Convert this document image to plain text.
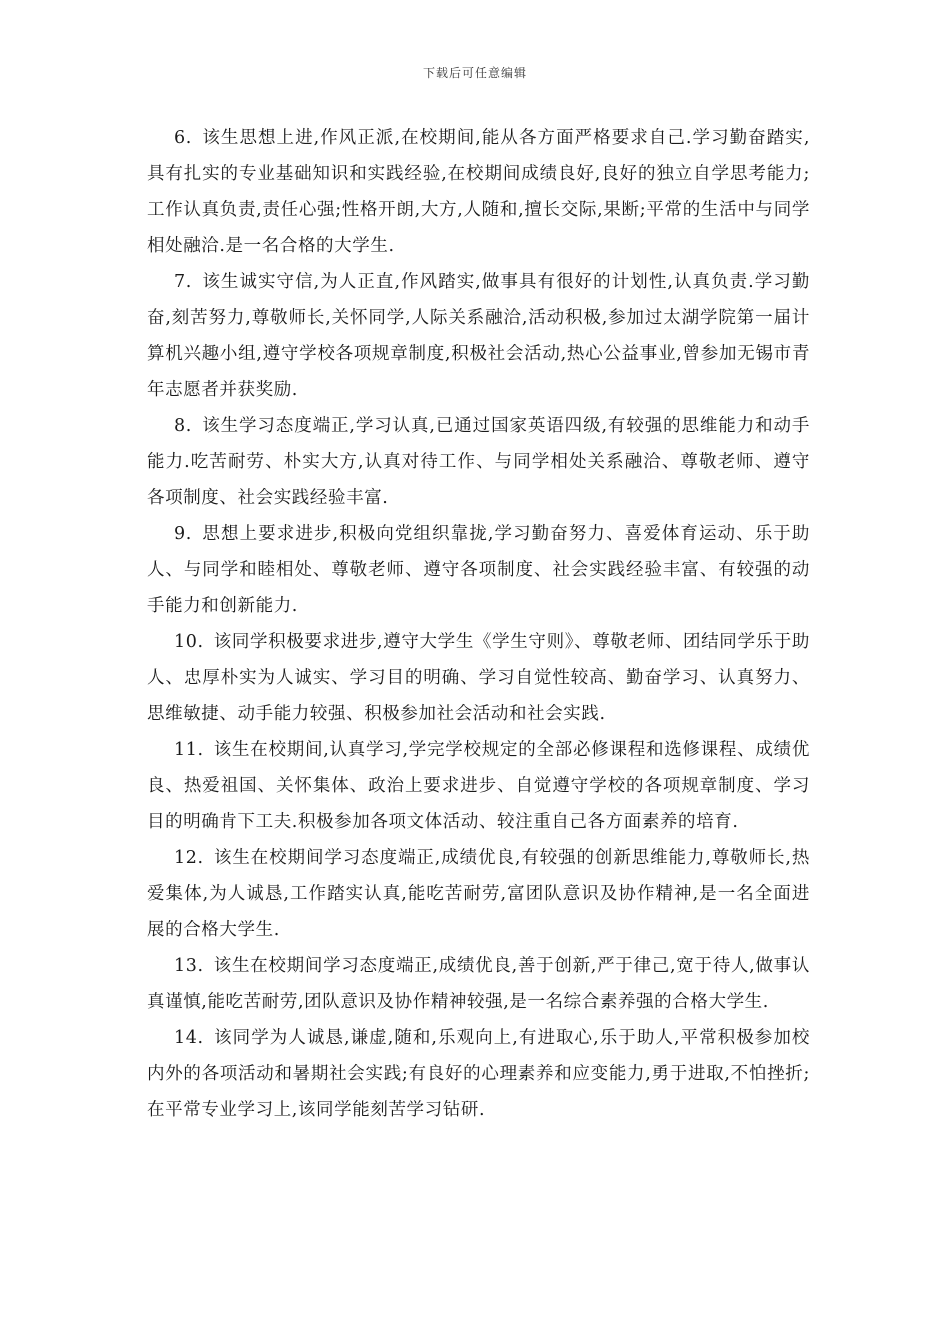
下载后可任意编辑

6. 该生思想上进,作风正派,在校期间,能从各方面严格要求自己.学习勤奋踏实,具有扎实的专业基础知识和实践经验,在校期间成绩良好,良好的独立自学思考能力;工作认真负责,责任心强;性格开朗,大方,人随和,擅长交际,果断;平常的生活中与同学相处融洽.是一名合格的大学生.

7. 该生诚实守信,为人正直,作风踏实,做事具有很好的计划性,认真负责.学习勤奋,刻苦努力,尊敬师长,关怀同学,人际关系融洽,活动积极,参加过太湖学院第一届计算机兴趣小组,遵守学校各项规章制度,积极社会活动,热心公益事业,曾参加无锡市青年志愿者并获奖励.

8. 该生学习态度端正,学习认真,已通过国家英语四级,有较强的思维能力和动手能力.吃苦耐劳、朴实大方,认真对待工作、与同学相处关系融洽、尊敬老师、遵守各项制度、社会实践经验丰富.

9. 思想上要求进步,积极向党组织靠拢,学习勤奋努力、喜爱体育运动、乐于助人、与同学和睦相处、尊敬老师、遵守各项制度、社会实践经验丰富、有较强的动手能力和创新能力.

10. 该同学积极要求进步,遵守大学生《学生守则》、尊敬老师、团结同学乐于助人、忠厚朴实为人诚实、学习目的明确、学习自觉性较高、勤奋学习、认真努力、思维敏捷、动手能力较强、积极参加社会活动和社会实践.

11. 该生在校期间,认真学习,学完学校规定的全部必修课程和选修课程、成绩优良、热爱祖国、关怀集体、政治上要求进步、自觉遵守学校的各项规章制度、学习目的明确肯下工夫.积极参加各项文体活动、较注重自己各方面素养的培育.

12. 该生在校期间学习态度端正,成绩优良,有较强的创新思维能力,尊敬师长,热爱集体,为人诚恳,工作踏实认真,能吃苦耐劳,富团队意识及协作精神,是一名全面进展的合格大学生.

13. 该生在校期间学习态度端正,成绩优良,善于创新,严于律己,宽于待人,做事认真谨慎,能吃苦耐劳,团队意识及协作精神较强,是一名综合素养强的合格大学生.

14. 该同学为人诚恳,谦虚,随和,乐观向上,有进取心,乐于助人,平常积极参加校内外的各项活动和暑期社会实践;有良好的心理素养和应变能力,勇于进取,不怕挫折;在平常专业学习上,该同学能刻苦学习钻研.
